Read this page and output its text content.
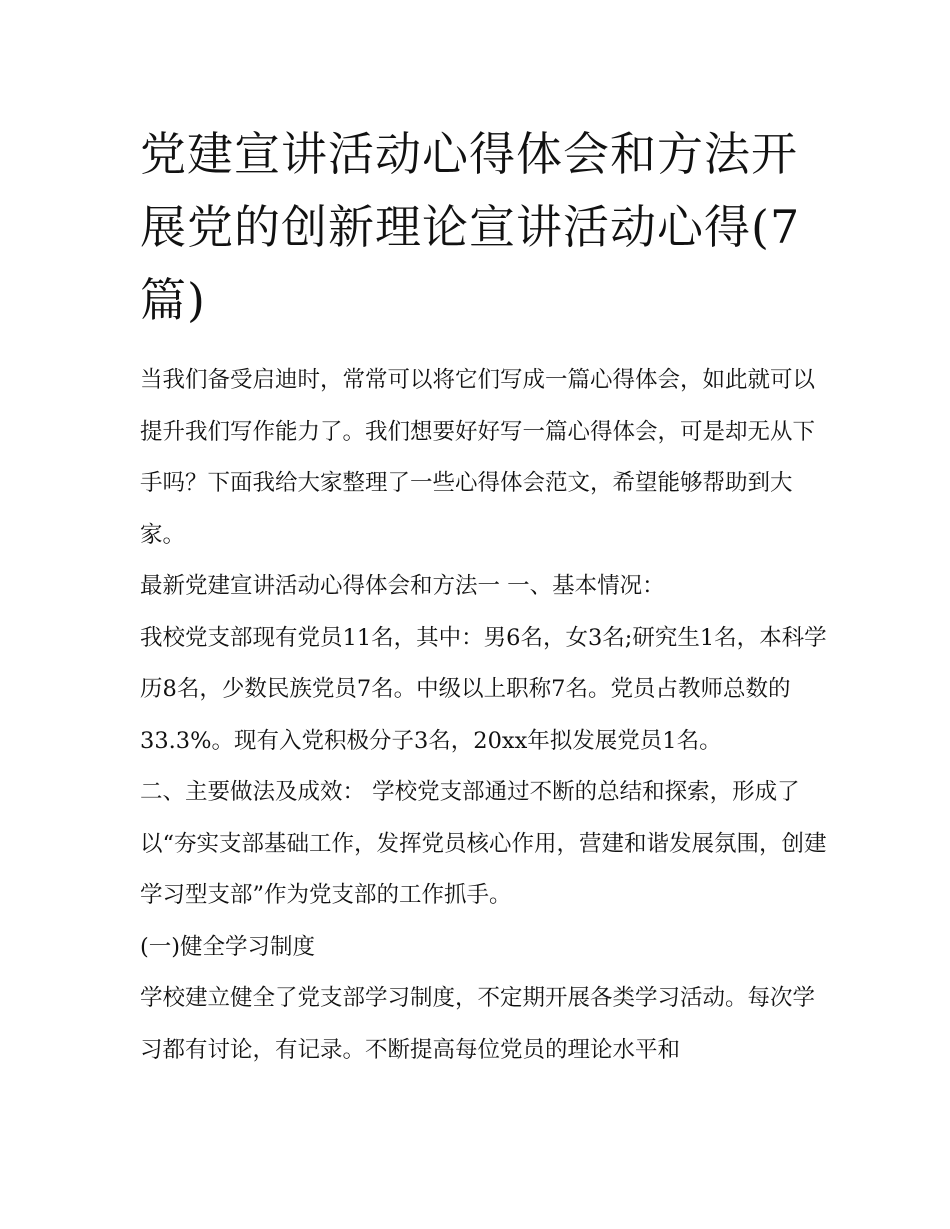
党建宣讲活动心得体会和方法开展党的创新理论宣讲活动心得(7篇)

当我们备受启迪时，常常可以将它们写成一篇心得体会，如此就可以提升我们写作能力了。我们想要好好写一篇心得体会，可是却无从下手吗？下面我给大家整理了一些心得体会范文，希望能够帮助到大家。

最新党建宣讲活动心得体会和方法一 一、基本情况：

我校党支部现有党员11名，其中：男6名，女3名;研究生1名，本科学历8名，少数民族党员7名。中级以上职称7名。党员占教师总数的33.3%。现有入党积极分子3名，20xx年拟发展党员1名。

二、主要做法及成效： 学校党支部通过不断的总结和探索，形成了以“夯实支部基础工作，发挥党员核心作用，营建和谐发展氛围，创建学习型支部”作为党支部的工作抓手。

(一)健全学习制度

学校建立健全了党支部学习制度，不定期开展各类学习活动。每次学习都有讨论，有记录。不断提高每位党员的理论水平和
